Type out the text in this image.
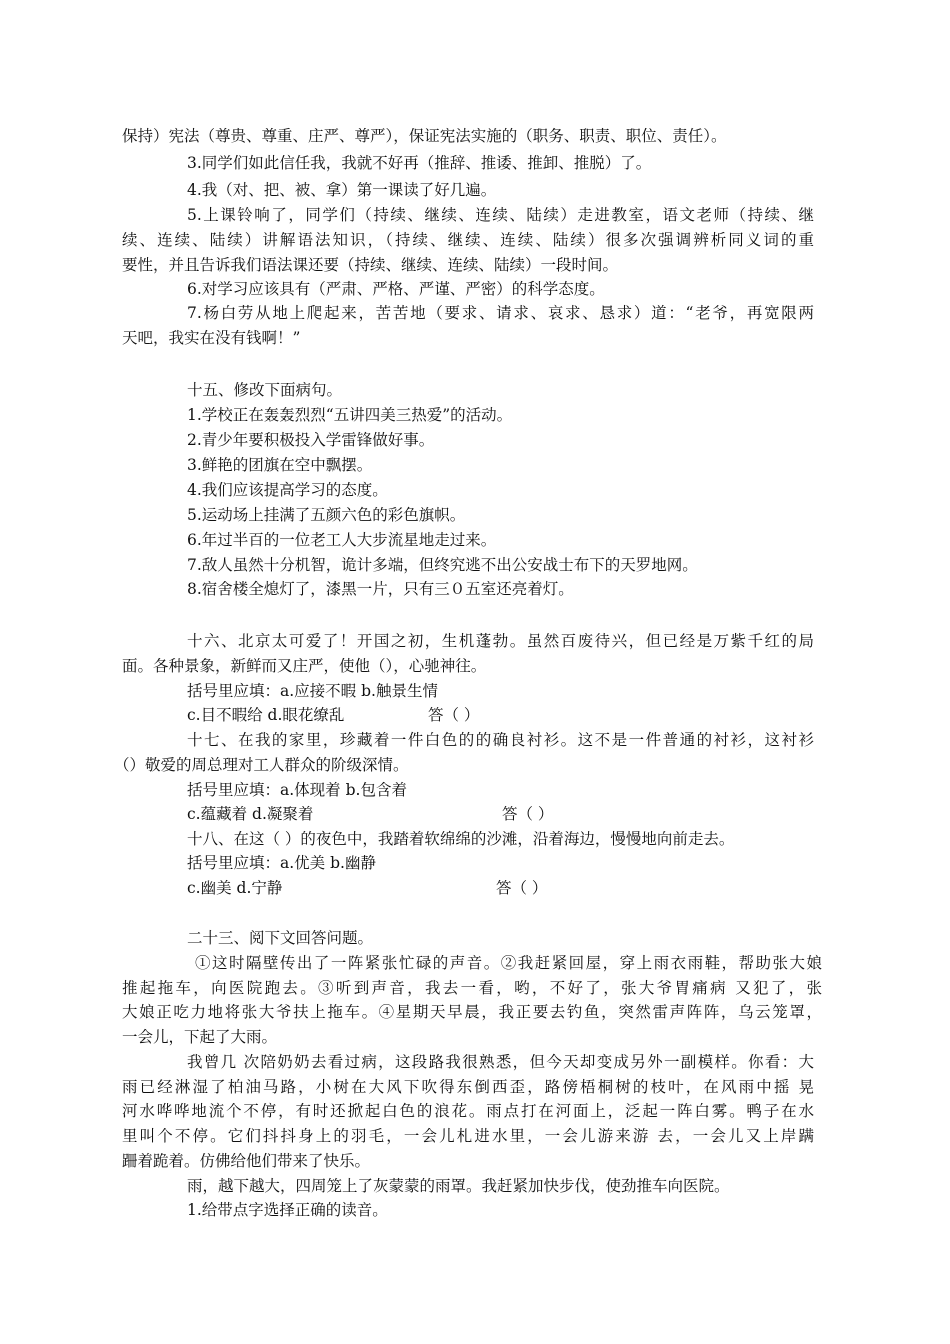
保持）宪法（尊贵、尊重、庄严、尊严），保证宪法实施的（职务、职责、职位、责任）。
3.同学们如此信任我，我就不好再（推辞、推诿、推卸、推脱）了。
4.我（对、把、被、拿）第一课读了好几遍。
5.上课铃响了，同学们（持续、继续、连续、陆续）走进教室，语文老师（持续、继
续、连续、陆续）讲解语法知识，（持续、继续、连续、陆续）很多次强调辨析同义词的重
要性，并且告诉我们语法课还要（持续、继续、连续、陆续）一段时间。
6.对学习应该具有（严肃、严格、严谨、严密）的科学态度。
7.杨白劳从地上爬起来，苦苦地（要求、请求、哀求、恳求）道：“老爷，再宽限两
天吧，我实在没有钱啊！”
十五、修改下面病句。
1.学校正在轰轰烈烈“五讲四美三热爱”的活动。
2.青少年要积极投入学雷锋做好事。
3.鲜艳的团旗在空中飘摆。
4.我们应该提高学习的态度。
5.运动场上挂满了五颜六色的彩色旗帜。
6.年过半百的一位老工人大步流星地走过来。
7.敌人虽然十分机智，诡计多端，但终究逃不出公安战士布下的天罗地网。
8.宿舍楼全熄灯了，漆黑一片，只有三０五室还亮着灯。
十六、北京太可爱了！开国之初，生机蓬勃。虽然百废待兴，但已经是万紫千红的局
面。各种景象，新鲜而又庄严，使他（），心驰神往。
括号里应填：a.应接不暇 b.触景生情
c.目不暇给 d.眼花缭乱	答（ ）
十七、在我的家里，珍藏着一件白色的的确良衬衫。这不是一件普通的衬衫，这衬衫
（）敬爱的周总理对工人群众的阶级深情。
括号里应填：a.体现着 b.包含着
c.蕴藏着 d.凝聚着	答（ ）
十八、在这（ ）的夜色中，我踏着软绵绵的沙滩，沿着海边，慢慢地向前走去。
括号里应填：a.优美 b.幽静
c.幽美 d.宁静	答（ ）
二十三、阅下文回答问题。
①这时隔壁传出了一阵紧张忙碌的声音。②我赶紧回屋，穿上雨衣雨鞋，帮助张大娘
推起拖车，向医院跑去。③听到声音，我去一看，哟，不好了，张大爷胃痛病 又犯了，张
大娘正吃力地将张大爷扶上拖车。④星期天早晨，我正要去钓鱼，突然雷声阵阵，乌云笼罩，
一会儿，下起了大雨。
我曾几 次陪奶奶去看过病，这段路我很熟悉，但今天却变成另外一副模样。你看：大
雨已经淋湿了柏油马路，小树在大风下吹得东倒西歪，路傍梧桐树的枝叶，在风雨中摇 晃
河水哗哗地流个不停，有时还掀起白色的浪花。雨点打在河面上，泛起一阵白雾。鸭子在水
里叫个不停。它们抖抖身上的羽毛，一会儿札进水里，一会儿游来游 去，一会儿又上岸蹒
跚着跪着。仿佛给他们带来了快乐。
雨，越下越大，四周笼上了灰蒙蒙的雨罩。我赶紧加快步伐，使劲推车向医院。
1.给带点字选择正确的读音。
